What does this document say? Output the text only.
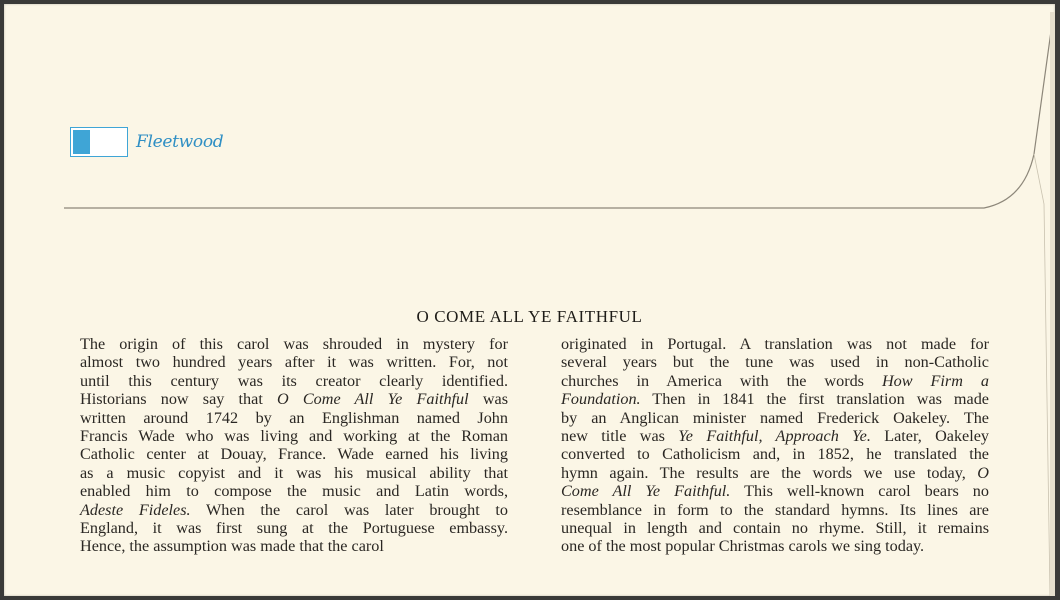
Fleetwood
O COME ALL YE FAITHFUL
The origin of this carol was shrouded in mystery for
almost two hundred years after it was written. For, not
until this century was its creator clearly identified.
Historians now say that O Come All Ye Faithful was
written around 1742 by an Englishman named John
Francis Wade who was living and working at the Roman
Catholic center at Douay, France. Wade earned his living
as a music copyist and it was his musical ability that
enabled him to compose the music and Latin words,
Adeste Fideles. When the carol was later brought to
England, it was first sung at the Portuguese embassy.
Hence, the assumption was made that the carol
originated in Portugal. A translation was not made for
several years but the tune was used in non-Catholic
churches in America with the words How Firm a
Foundation. Then in 1841 the first translation was made
by an Anglican minister named Frederick Oakeley. The
new title was Ye Faithful, Approach Ye. Later, Oakeley
converted to Catholicism and, in 1852, he translated the
hymn again. The results are the words we use today, O
Come All Ye Faithful. This well-known carol bears no
resemblance in form to the standard hymns. Its lines are
unequal in length and contain no rhyme. Still, it remains
one of the most popular Christmas carols we sing today.
